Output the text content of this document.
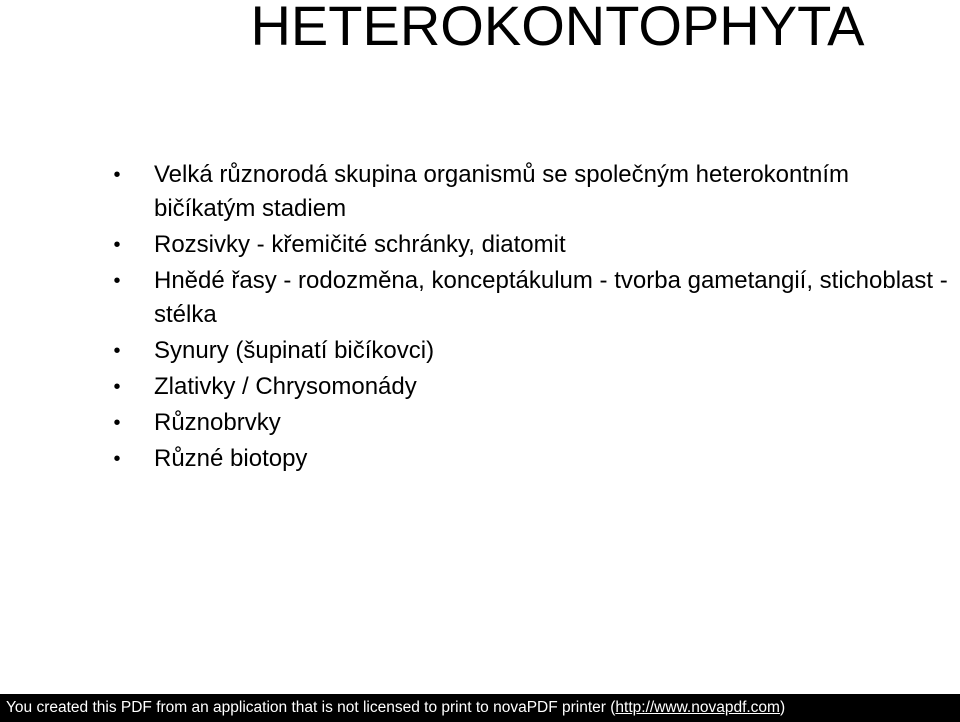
HETEROKONTOPHYTA
• Velká různorodá skupina organismů se společným heterokontním bičíkatým stadiem
• Rozsivky - křemičité schránky, diatomit
• Hnědé řasy - rodozměna, konceptákulum - tvorba gametangií, stichoblast - stélka
• Synury (šupinatí bičíkovci)
• Zlativky / Chrysomonády
• Různobrvky
• Různé biotopy
You created this PDF from an application that is not licensed to print to novaPDF printer (http://www.novapdf.com)
